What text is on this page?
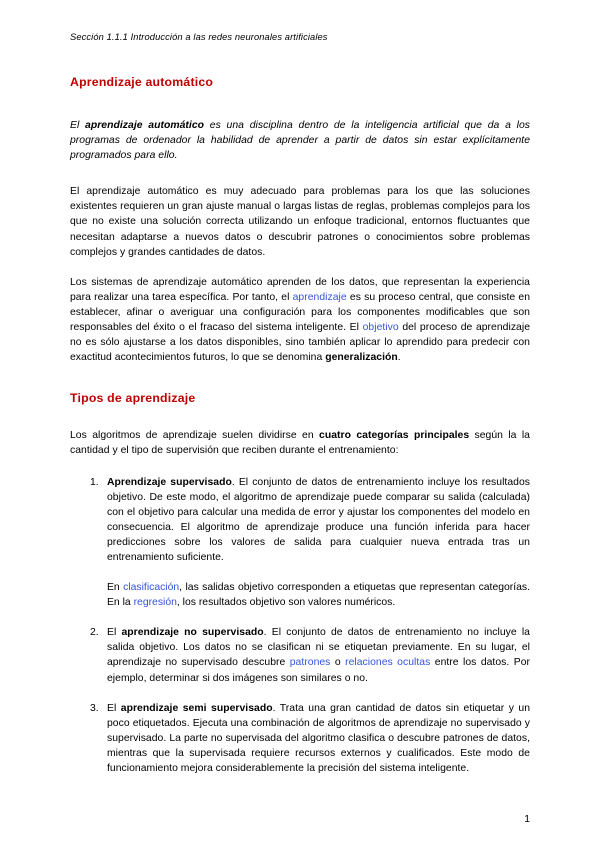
Sección 1.1.1 Introducción a las redes neuronales artificiales
Aprendizaje automático

El aprendizaje automático es una disciplina dentro de la inteligencia artificial que da a los programas de ordenador la habilidad de aprender a partir de datos sin estar explícitamente programados para ello.

El aprendizaje automático es muy adecuado para problemas para los que las soluciones existentes requieren un gran ajuste manual o largas listas de reglas, problemas complejos para los que no existe una solución correcta utilizando un enfoque tradicional, entornos fluctuantes que necesitan adaptarse a nuevos datos o descubrir patrones o conocimientos sobre problemas complejos y grandes cantidades de datos.

Los sistemas de aprendizaje automático aprenden de los datos, que representan la experiencia para realizar una tarea específica. Por tanto, el aprendizaje es su proceso central, que consiste en establecer, afinar o averiguar una configuración para los componentes modificables que son responsables del éxito o el fracaso del sistema inteligente. El objetivo del proceso de aprendizaje no es sólo ajustarse a los datos disponibles, sino también aplicar lo aprendido para predecir con exactitud acontecimientos futuros, lo que se denomina generalización.

Tipos de aprendizaje

Los algoritmos de aprendizaje suelen dividirse en cuatro categorías principales según la la cantidad y el tipo de supervisión que reciben durante el entrenamiento:

Aprendizaje supervisado. El conjunto de datos de entrenamiento incluye los resultados objetivo. De este modo, el algoritmo de aprendizaje puede comparar su salida (calculada) con el objetivo para calcular una medida de error y ajustar los componentes del modelo en consecuencia. El algoritmo de aprendizaje produce una función inferida para hacer predicciones sobre los valores de salida para cualquier nueva entrada tras un entrenamiento suficiente.

En clasificación, las salidas objetivo corresponden a etiquetas que representan categorías. En la regresión, los resultados objetivo son valores numéricos.

El aprendizaje no supervisado. El conjunto de datos de entrenamiento no incluye la salida objetivo. Los datos no se clasifican ni se etiquetan previamente. En su lugar, el aprendizaje no supervisado descubre patrones o relaciones ocultas entre los datos. Por ejemplo, determinar si dos imágenes son similares o no.

El aprendizaje semi supervisado. Trata una gran cantidad de datos sin etiquetar y un poco etiquetados. Ejecuta una combinación de algoritmos de aprendizaje no supervisado y supervisado. La parte no supervisada del algoritmo clasifica o descubre patrones de datos, mientras que la supervisada requiere recursos externos y cualificados. Este modo de funcionamiento mejora considerablemente la precisión del sistema inteligente.

1
